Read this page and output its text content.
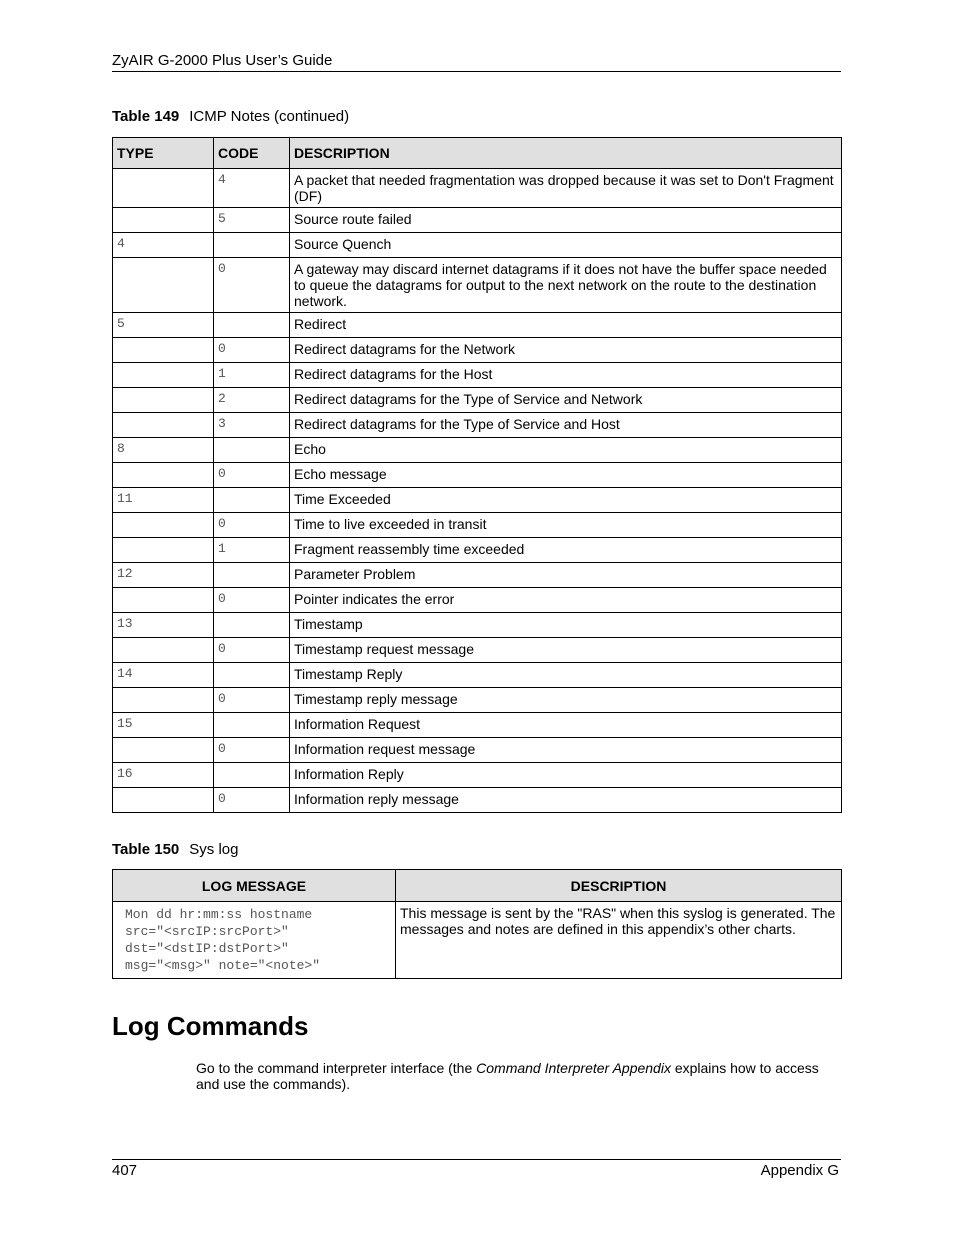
ZyAIR G-2000 Plus User’s Guide
Table 149 ICMP Notes (continued)
TYPE	CODE	DESCRIPTION
	4	A packet that needed fragmentation was dropped because it was set to Don't Fragment (DF)
	5	Source route failed
4		Source Quench
	0	A gateway may discard internet datagrams if it does not have the buffer space needed to queue the datagrams for output to the next network on the route to the destination network.
5		Redirect
	0	Redirect datagrams for the Network
	1	Redirect datagrams for the Host
	2	Redirect datagrams for the Type of Service and Network
	3	Redirect datagrams for the Type of Service and Host
8		Echo
	0	Echo message
11		Time Exceeded
	0	Time to live exceeded in transit
	1	Fragment reassembly time exceeded
12		Parameter Problem
	0	Pointer indicates the error
13		Timestamp
	0	Timestamp request message
14		Timestamp Reply
	0	Timestamp reply message
15		Information Request
	0	Information request message
16		Information Reply
	0	Information reply message
Table 150 Sys log
LOG MESSAGE	DESCRIPTION

Mon dd hr:mm:ss hostname
src="<srcIP:srcPort>"
dst="<dstIP:dstPort>"
msg="<msg>" note="<note>"	This message is sent by the "RAS" when this syslog is generated. The messages and notes are defined in this appendix’s other charts.
Log Commands
Go to the command interpreter interface (the Command Interpreter Appendix explains how to access and use the commands).
407	Appendix G
